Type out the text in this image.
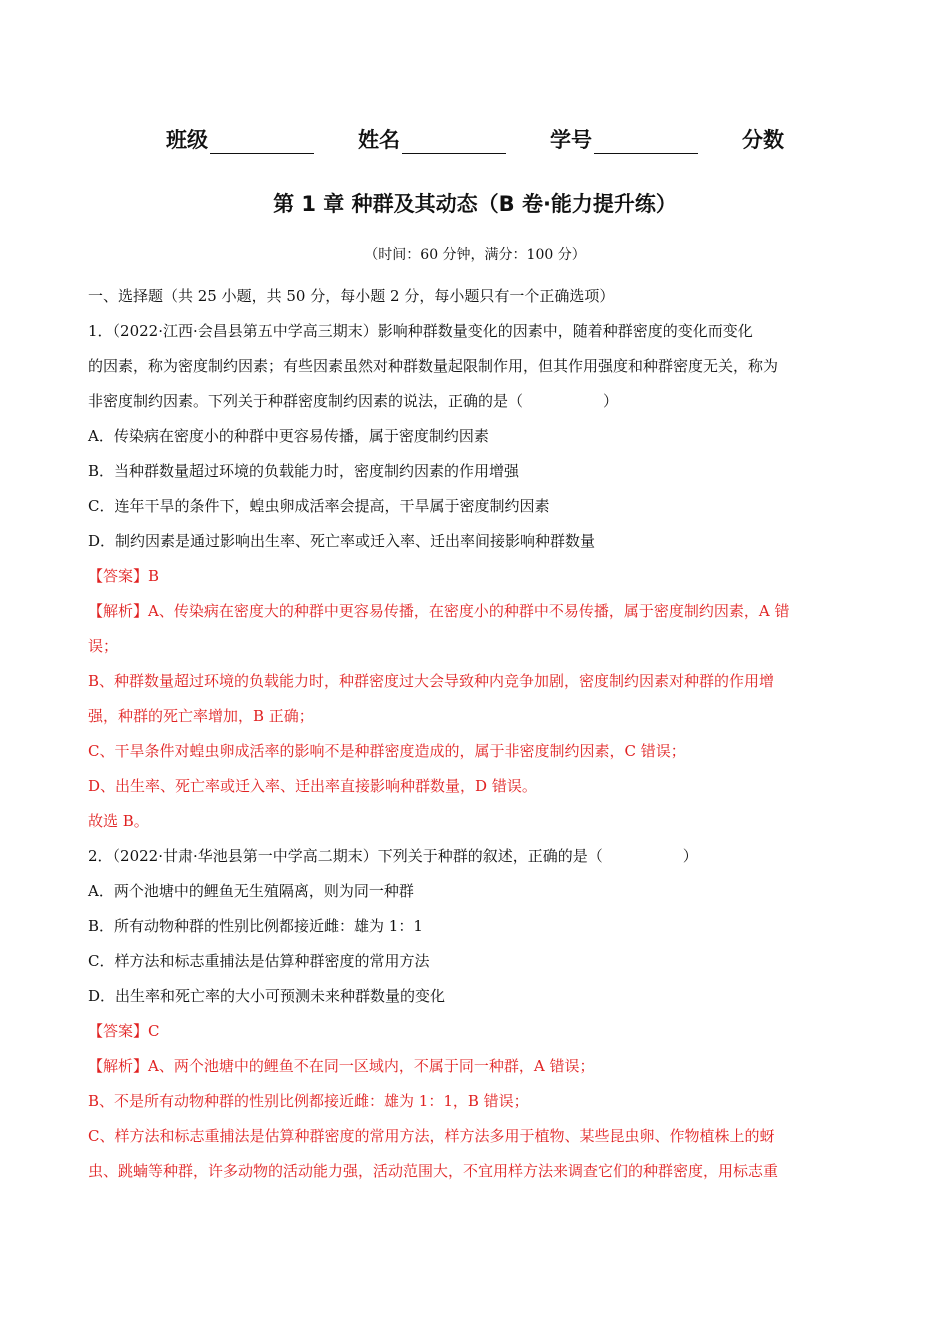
班级	姓名	学号	分数
第 1 章 种群及其动态（B 卷·能力提升练）
（时间：60 分钟，满分：100 分）

一、选择题（共 25 小题，共 50 分，每小题 2 分，每小题只有一个正确选项）

1．（2022·江西·会昌县第五中学高三期末）影响种群数量变化的因素中，随着种群密度的变化而变化

的因素，称为密度制约因素；有些因素虽然对种群数量起限制作用，但其作用强度和种群密度无关，称为

非密度制约因素。下列关于种群密度制约因素的说法，正确的是（	）

A．传染病在密度小的种群中更容易传播，属于密度制约因素

B．当种群数量超过环境的负载能力时，密度制约因素的作用增强

C．连年干旱的条件下，蝗虫卵成活率会提高，干旱属于密度制约因素

D．制约因素是通过影响出生率、死亡率或迁入率、迁出率间接影响种群数量

【答案】B

【解析】A、传染病在密度大的种群中更容易传播，在密度小的种群中不易传播，属于密度制约因素，A 错

误；

B、种群数量超过环境的负载能力时，种群密度过大会导致种内竞争加剧，密度制约因素对种群的作用增

强，种群的死亡率增加，B 正确；

C、干旱条件对蝗虫卵成活率的影响不是种群密度造成的，属于非密度制约因素，C 错误；

D、出生率、死亡率或迁入率、迁出率直接影响种群数量，D 错误。

故选 B。

2．（2022·甘肃·华池县第一中学高二期末）下列关于种群的叙述，正确的是（	）

A．两个池塘中的鲤鱼无生殖隔离，则为同一种群

B．所有动物种群的性别比例都接近雌：雄为 1：1

C．样方法和标志重捕法是估算种群密度的常用方法

D．出生率和死亡率的大小可预测未来种群数量的变化

【答案】C

【解析】A、两个池塘中的鲤鱼不在同一区域内，不属于同一种群，A 错误；

B、不是所有动物种群的性别比例都接近雌：雄为 1：1，B 错误；

C、样方法和标志重捕法是估算种群密度的常用方法，样方法多用于植物、某些昆虫卵、作物植株上的蚜

虫、跳蝻等种群，许多动物的活动能力强，活动范围大，不宜用样方法来调查它们的种群密度，用标志重
